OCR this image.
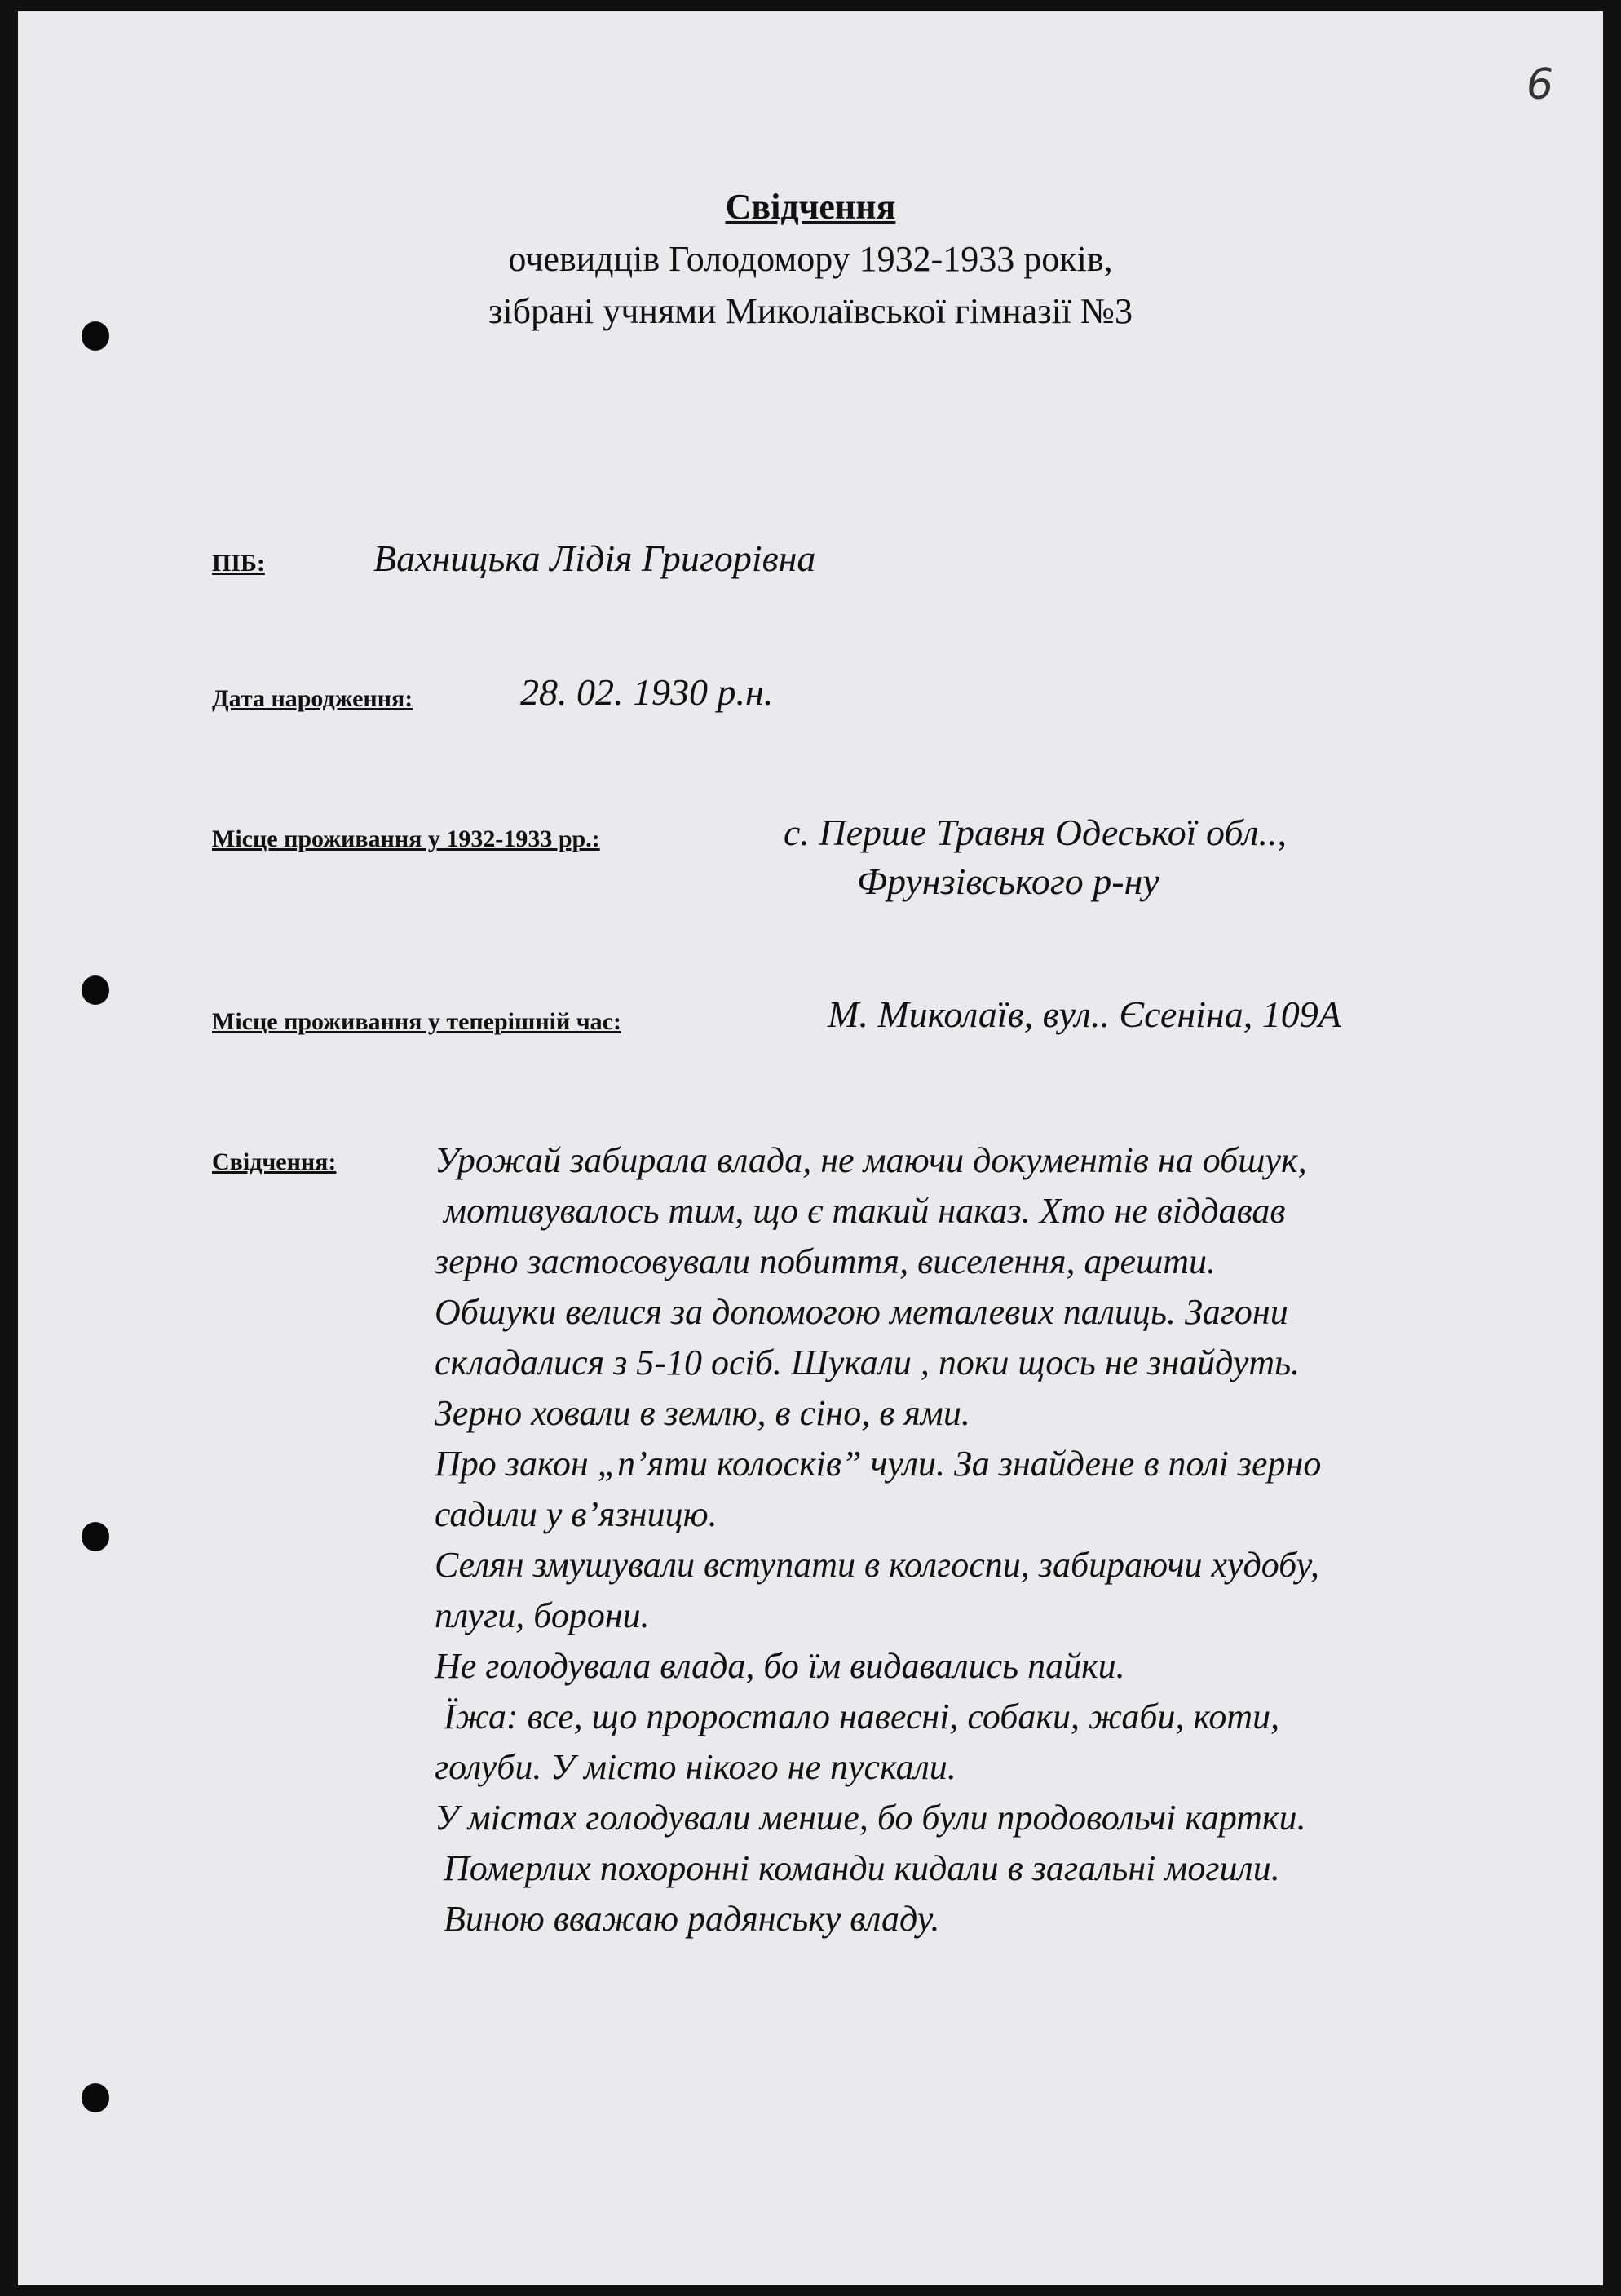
6
Свідчення
очевидців Голодомору 1932-1933 років,
зібрані учнями Миколаївської гімназії №3
ПІБ:	Вахницька Лідія Григорівна
Дата народження:	28. 02. 1930 р.н.
Місце проживання у 1932-1933 рр.:	с. Перше Травня Одеської обл..,
Фрунзівського р-ну
Місце проживання у теперішній час:	М. Миколаїв, вул.. Єсеніна, 109А
Свідчення:	Урожай забирала влада, не маючи документів на обшук,
мотивувалось тим, що є такий наказ. Хто не віддавав
зерно застосовували побиття, виселення, арешти.
Обшуки велися за допомогою металевих палиць. Загони
складалися з 5-10 осіб. Шукали , поки щось не знайдуть.
Зерно ховали в землю, в сіно, в ями.
Про закон „п’яти колосків” чули. За знайдене в полі зерно
садили у в’язницю.
Селян змушували вступати в колгоспи, забираючи худобу,
плуги, борони.
Не голодувала влада, бо їм видавались пайки.
Їжа: все, що проростало навесні, собаки, жаби, коти,
голуби. У місто нікого не пускали.
У містах голодували менше, бо були продовольчі картки.
Померлих похоронні команди кидали в загальні могили.
Виною вважаю радянську владу.
